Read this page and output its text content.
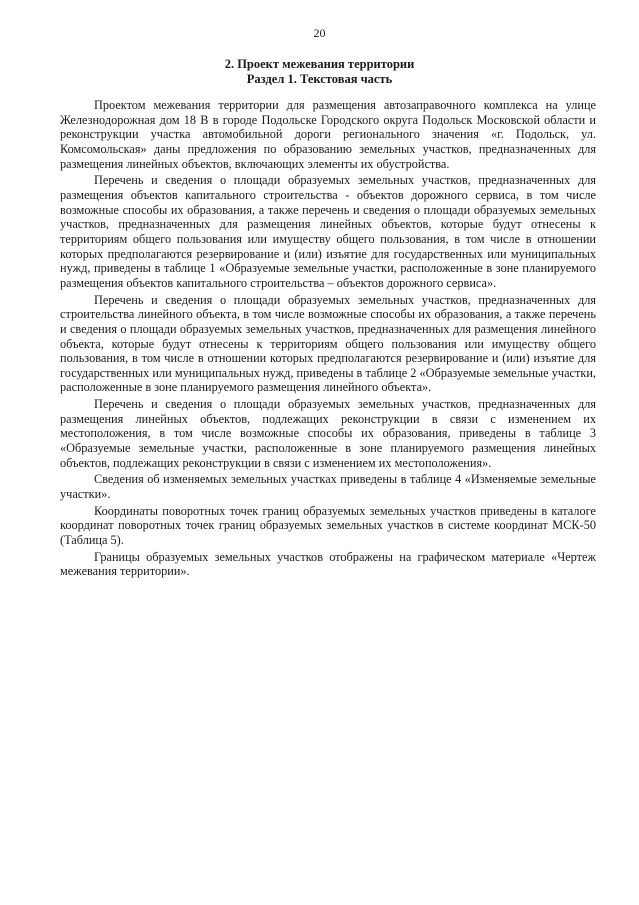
20
2. Проект межевания территории
Раздел 1. Текстовая часть

Проектом межевания территории для размещения автозаправочного комплекса на улице Железнодорожная дом 18 В в городе Подольске Городского округа Подольск Московской области и реконструкции участка автомобильной дороги регионального значения «г. Подольск, ул. Комсомольская» даны предложения по образованию земельных участков, предназначенных для размещения линейных объектов, включающих элементы их обустройства.

Перечень и сведения о площади образуемых земельных участков, предназначенных для размещения объектов капитального строительства - объектов дорожного сервиса, в том числе возможные способы их образования, а также перечень и сведения о площади образуемых земельных участков, предназначенных для размещения линейных объектов, которые будут отнесены к территориям общего пользования или имуществу общего пользования, в том числе в отношении которых предполагаются резервирование и (или) изъятие для государственных или муниципальных нужд, приведены в таблице 1 «Образуемые земельные участки, расположенные в зоне планируемого размещения объектов капитального строительства – объектов дорожного сервиса».

Перечень и сведения о площади образуемых земельных участков, предназначенных для строительства линейного объекта, в том числе возможные способы их образования, а также перечень и сведения о площади образуемых земельных участков, предназначенных для размещения линейного объекта, которые будут отнесены к территориям общего пользования или имуществу общего пользования, в том числе в отношении которых предполагаются резервирование и (или) изъятие для государственных или муниципальных нужд, приведены в таблице 2 «Образуемые земельные участки, расположенные в зоне планируемого размещения линейного объекта».

Перечень и сведения о площади образуемых земельных участков, предназначенных для размещения линейных объектов, подлежащих реконструкции в связи с изменением их местоположения, в том числе возможные способы их образования, приведены в таблице 3 «Образуемые земельные участки, расположенные в зоне планируемого размещения линейных объектов, подлежащих реконструкции в связи с изменением их местоположения».

Сведения об изменяемых земельных участках приведены в таблице 4 «Изменяемые земельные участки».

Координаты поворотных точек границ образуемых земельных участков приведены в каталоге координат поворотных точек границ образуемых земельных участков в системе координат МСК-50 (Таблица 5).

Границы образуемых земельных участков отображены на графическом материале «Чертеж межевания территории».
